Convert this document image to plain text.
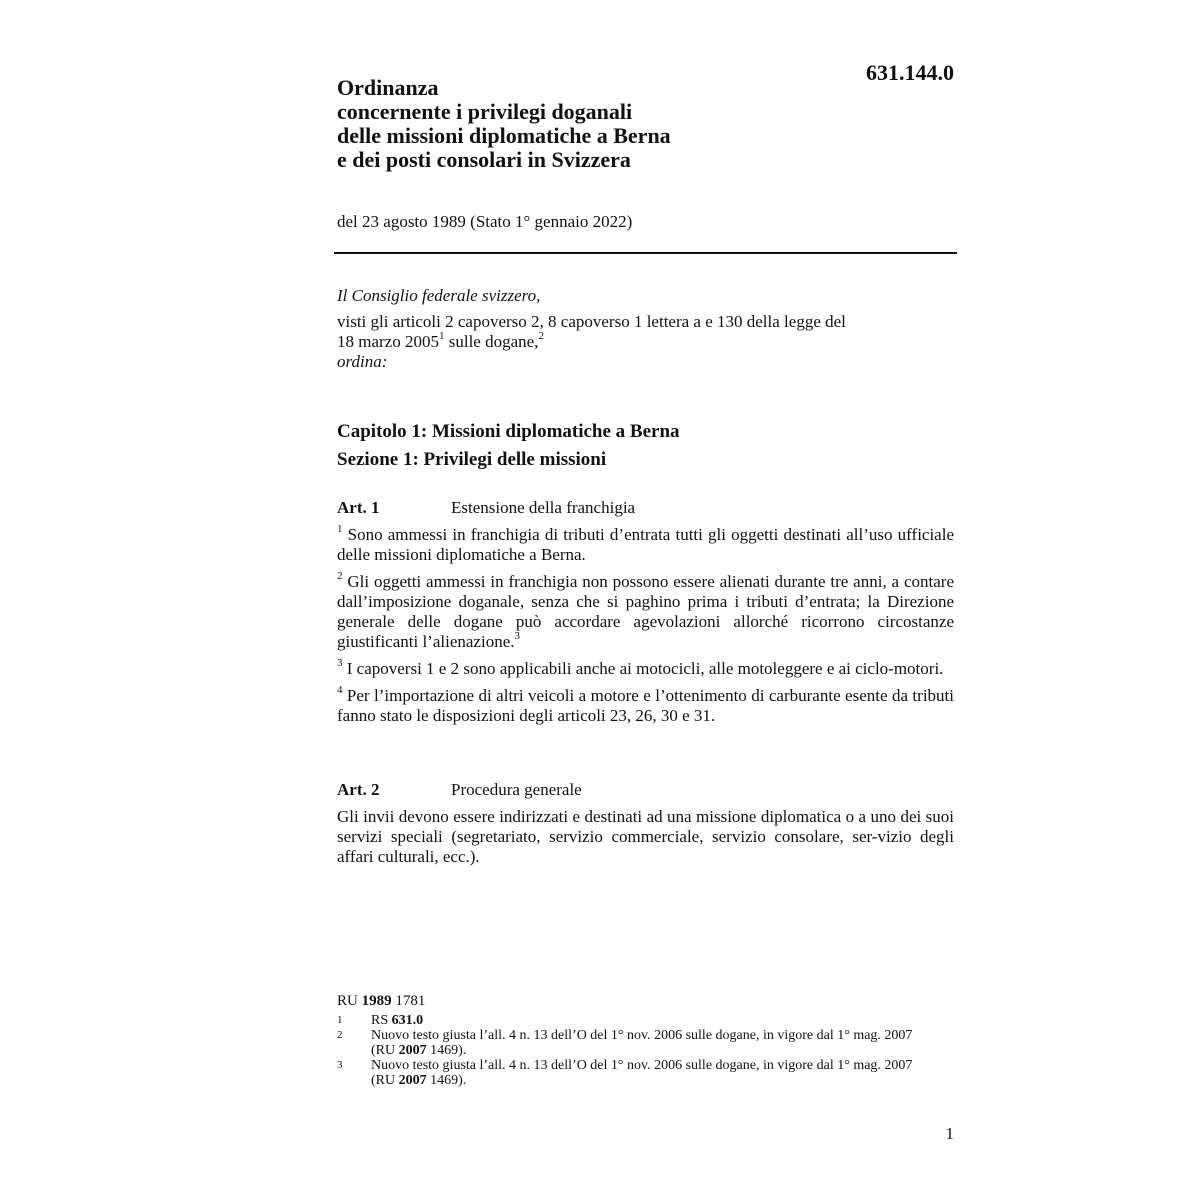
631.144.0
Ordinanza
concernente i privilegi doganali
delle missioni diplomatiche a Berna
e dei posti consolari in Svizzera
del 23 agosto 1989 (Stato 1° gennaio 2022)

Il Consiglio federale svizzero,

visti gli articoli 2 capoverso 2, 8 capoverso 1 lettera a e 130 della legge del
18 marzo 2005$^1$ sulle dogane,$^2$

ordina:

Capitolo 1: Missioni diplomatiche a Berna
Sezione 1: Privilegi delle missioni
Art. 1	Estensione della franchigia

$^1$ Sono ammessi in franchigia di tributi d’entrata tutti gli oggetti destinati all’uso ufficiale delle missioni diplomatiche a Berna.

$^2$ Gli oggetti ammessi in franchigia non possono essere alienati durante tre anni, a contare dall’imposizione doganale, senza che si paghino prima i tributi d’entrata; la Direzione generale delle dogane può accordare agevolazioni allorché ricorrono circostanze giustificanti l’alienazione.$^3$

$^3$ I capoversi 1 e 2 sono applicabili anche ai motocicli, alle motoleggere e ai ciclo-motori.

$^4$ Per l’importazione di altri veicoli a motore e l’ottenimento di carburante esente da tributi fanno stato le disposizioni degli articoli 23, 26, 30 e 31.

Art. 2	Procedura generale

Gli invii devono essere indirizzati e destinati ad una missione diplomatica o a uno dei suoi servizi speciali (segretariato, servizio commerciale, servizio consolare, ser-vizio degli affari culturali, ecc.).

RU 1989 1781
1	RS 631.0
2	Nuovo testo giusta l’all. 4 n. 13 dell’O del 1° nov. 2006 sulle dogane, in vigore dal 1° mag. 2007 (RU 2007 1469).
3	Nuovo testo giusta l’all. 4 n. 13 dell’O del 1° nov. 2006 sulle dogane, in vigore dal 1° mag. 2007 (RU 2007 1469).
1
